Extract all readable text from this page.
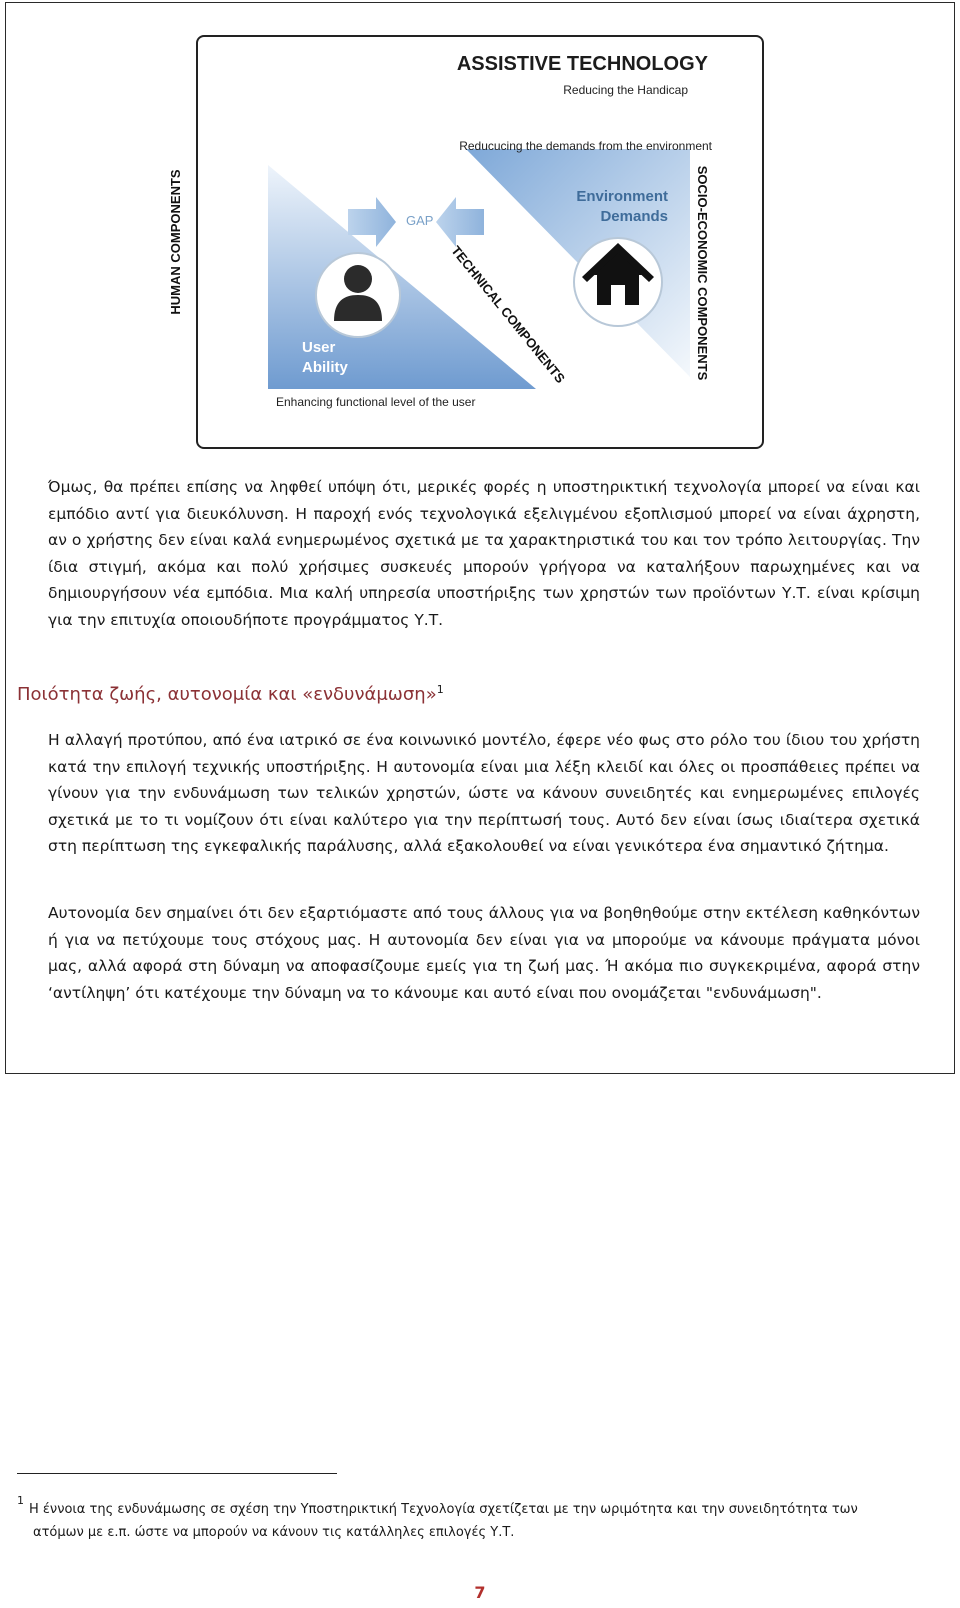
ASSISTIVE TECHNOLOGY
Reducing the Handicap
Reducucing the demands from the environment
Environment
Demands
User
Ability
GAP
Enhancing functional level of the user
HUMAN COMPONENTS	SOCIO-ECONOMIC COMPONENTS
TECHNICAL COMPONENTS
Όμως, θα πρέπει επίσης να ληφθεί υπόψη ότι, μερικές φορές η υποστηρικτική τεχνολογία μπορεί να είναι και εμπόδιο αντί για διευκόλυνση. Η παροχή ενός τεχνολογικά εξελιγμένου εξοπλισμού μπορεί να είναι άχρηστη, αν ο χρήστης δεν είναι καλά ενημερωμένος σχετικά με τα χαρακτηριστικά του και τον τρόπο λειτουργίας. Την ίδια στιγμή, ακόμα και πολύ χρήσιμες συσκευές μπορούν γρήγορα να καταλήξουν παρωχημένες και να δημιουργήσουν νέα εμπόδια. Μια καλή υπηρεσία υποστήριξης των χρηστών των προϊόντων Υ.Τ. είναι κρίσιμη για την επιτυχία οποιουδήποτε προγράμματος Υ.Τ.
Ποιότητα ζωής, αυτονομία και «ενδυνάμωση»$^1$
Η αλλαγή προτύπου, από ένα ιατρικό σε ένα κοινωνικό μοντέλο, έφερε νέο φως στο ρόλο του ίδιου του χρήστη κατά την επιλογή τεχνικής υποστήριξης. Η αυτονομία είναι μια λέξη κλειδί και όλες οι προσπάθειες πρέπει να γίνουν για την ενδυνάμωση των τελικών χρηστών, ώστε να κάνουν συνειδητές και ενημερωμένες επιλογές σχετικά με το τι νομίζουν ότι είναι καλύτερο για την περίπτωσή τους. Αυτό δεν είναι ίσως ιδιαίτερα σχετικά στη περίπτωση της εγκεφαλικής παράλυσης, αλλά εξακολουθεί να είναι γενικότερα ένα σημαντικό ζήτημα.
Αυτονομία δεν σημαίνει ότι δεν εξαρτιόμαστε από τους άλλους για να βοηθηθούμε στην εκτέλεση καθηκόντων ή για να πετύχουμε τους στόχους μας. Η αυτονομία δεν είναι για να μπορούμε να κάνουμε πράγματα μόνοι μας, αλλά αφορά στη δύναμη να αποφασίζουμε εμείς για τη ζωή μας. Ή ακόμα πιο συγκεκριμένα, αφορά στην ‘αντίληψη’ ότι κατέχουμε την δύναμη να το κάνουμε και αυτό είναι που ονομάζεται "ενδυνάμωση".
1
Η έννοια της ενδυνάμωσης σε σχέση την Υποστηρικτική Τεχνολογία σχετίζεται με την ωριμότητα και την συνειδητότητα των
ατόμων με ε.π. ώστε να μπορούν να κάνουν τις κατάλληλες επιλογές Υ.Τ.
7
